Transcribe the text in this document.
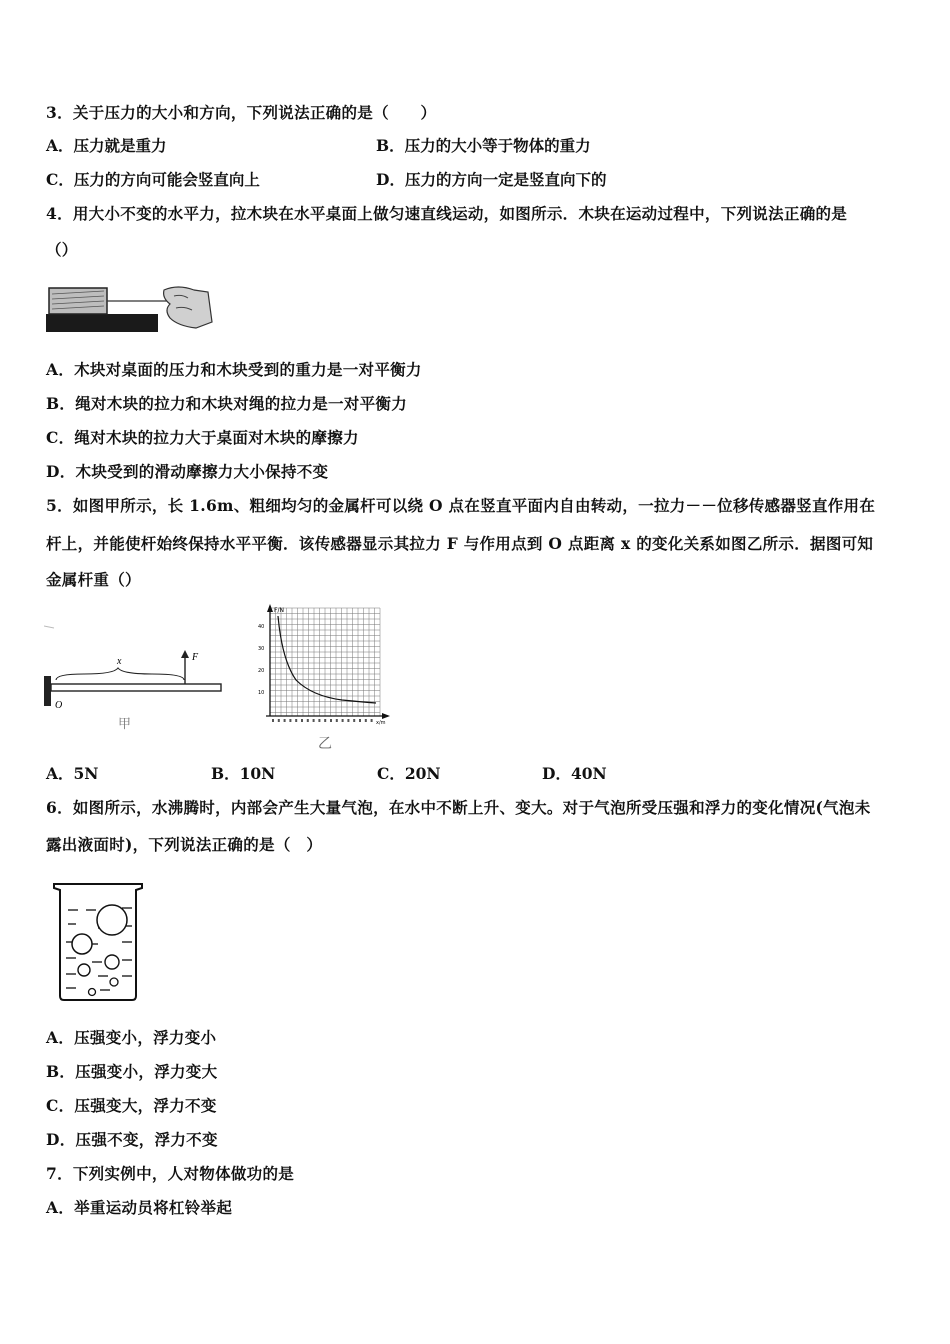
3．关于压力的大小和方向，下列说法正确的是（　　）
A．压力就是重力	B．压力的大小等于物体的重力
C．压力的方向可能会竖直向上	D．压力的方向一定是竖直向下的
4．用大小不变的水平力，拉木块在水平桌面上做匀速直线运动，如图所示．木块在运动过程中，下列说法正确的是
（）
A．木块对桌面的压力和木块受到的重力是一对平衡力
B．绳对木块的拉力和木块对绳的拉力是一对平衡力
C．绳对木块的拉力大于桌面对木块的摩擦力
D．木块受到的滑动摩擦力大小保持不变
5．如图甲所示，长 1.6m、粗细均匀的金属杆可以绕 O 点在竖直平面内自由转动，一拉力－－位移传感器竖直作用在
杆上，并能使杆始终保持水平平衡．该传感器显示其拉力 F 与作用点到 O 点距离 x 的变化关系如图乙所示．据图可知
金属杆重（）
O
x	F
甲
F/N
x/m
40
30
20
10
乙
A．5N	B．10N	C．20N	D．40N
6．如图所示，水沸腾时，内部会产生大量气泡，在水中不断上升、变大。对于气泡所受压强和浮力的变化情况(气泡未
露出液面时)，下列说法正确的是（　）
A．压强变小，浮力变小
B．压强变小，浮力变大
C．压强变大，浮力不变
D．压强不变，浮力不变
7．下列实例中，人对物体做功的是
A．举重运动员将杠铃举起
